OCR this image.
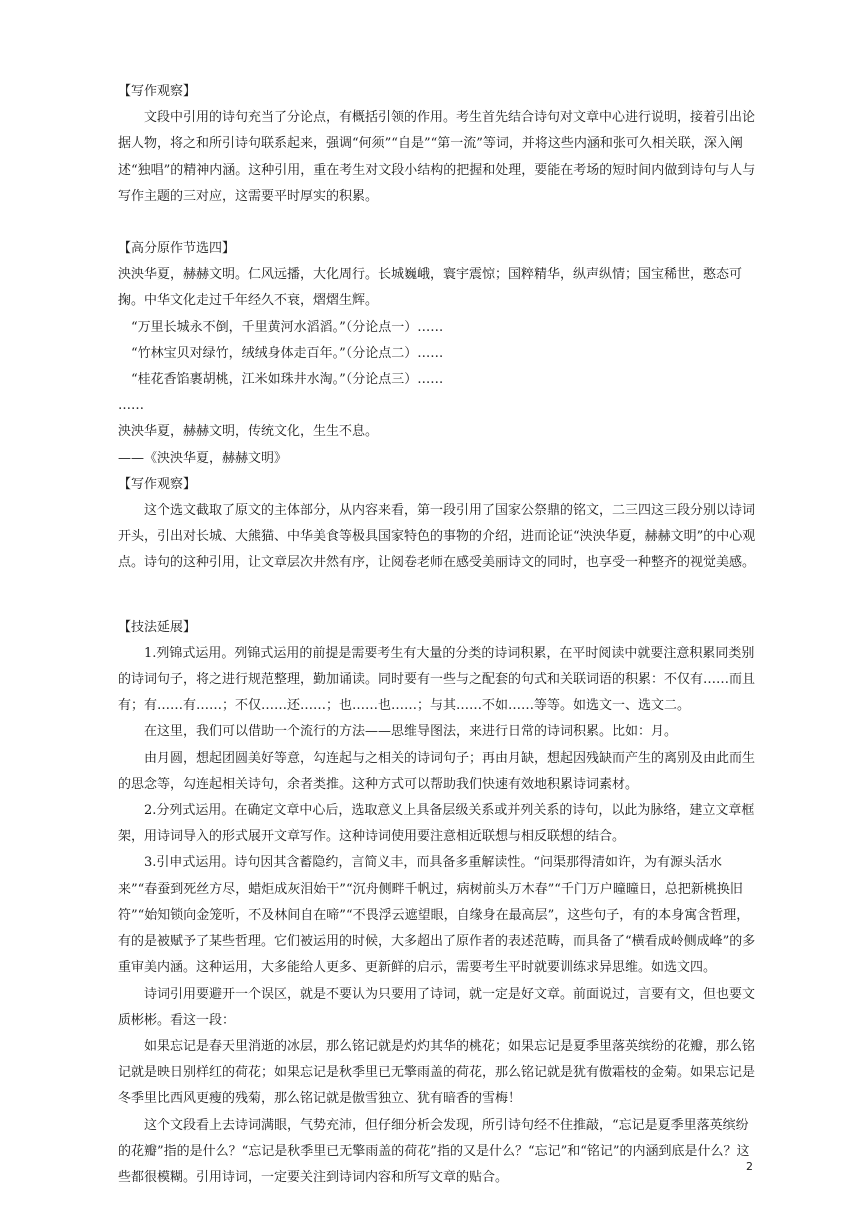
【写作观察】

文段中引用的诗句充当了分论点，有概括引领的作用。考生首先结合诗句对文章中心进行说明，接着引出论据人物，将之和所引诗句联系起来，强调“何须”“自是”“第一流”等词，并将这些内涵和张可久相关联，深入阐述“独唱”的精神内涵。这种引用，重在考生对文段小结构的把握和处理，要能在考场的短时间内做到诗句与人与写作主题的三对应，这需要平时厚实的积累。

【高分原作节选四】

泱泱华夏，赫赫文明。仁风远播，大化周行。长城巍峨，寰宇震惊；国粹精华，纵声纵情；国宝稀世，憨态可掬。中华文化走过千年经久不衰，熠熠生辉。

“万里长城永不倒，千里黄河水滔滔。”（分论点一）……

“竹林宝贝对绿竹，绒绒身体走百年。”（分论点二）……

“桂花香馅裹胡桃，江米如珠井水淘。”（分论点三）……

……

泱泱华夏，赫赫文明，传统文化，生生不息。

——《泱泱华夏，赫赫文明》

【写作观察】

这个选文截取了原文的主体部分，从内容来看，第一段引用了国家公祭鼎的铭文，二三四这三段分别以诗词开头，引出对长城、大熊猫、中华美食等极具国家特色的事物的介绍，进而论证“泱泱华夏，赫赫文明”的中心观点。诗句的这种引用，让文章层次井然有序，让阅卷老师在感受美丽诗文的同时，也享受一种整齐的视觉美感。

【技法延展】

1.列锦式运用。列锦式运用的前提是需要考生有大量的分类的诗词积累，在平时阅读中就要注意积累同类别的诗词句子，将之进行规范整理，勤加诵读。同时要有一些与之配套的句式和关联词语的积累：不仅有……而且有；有……有……；不仅……还……；也……也……；与其……不如……等等。如选文一、选文二。

在这里，我们可以借助一个流行的方法——思维导图法，来进行日常的诗词积累。比如：月。

由月圆，想起团圆美好等意，勾连起与之相关的诗词句子；再由月缺，想起因残缺而产生的离别及由此而生的思念等，勾连起相关诗句，余者类推。这种方式可以帮助我们快速有效地积累诗词素材。

2.分列式运用。在确定文章中心后，选取意义上具备层级关系或并列关系的诗句，以此为脉络，建立文章框架，用诗词导入的形式展开文章写作。这种诗词使用要注意相近联想与相反联想的结合。

3.引申式运用。诗句因其含蓄隐约，言简义丰，而具备多重解读性。“问渠那得清如许，为有源头活水来”“春蚕到死丝方尽，蜡炬成灰泪始干”“沉舟侧畔千帆过，病树前头万木春”“千门万户曈曈日，总把新桃换旧符”“始知锁向金笼听，不及林间自在啼”“不畏浮云遮望眼，自缘身在最高层”，这些句子，有的本身寓含哲理，有的是被赋予了某些哲理。它们被运用的时候，大多超出了原作者的表述范畴，而具备了“横看成岭侧成峰”的多重审美内涵。这种运用，大多能给人更多、更新鲜的启示，需要考生平时就要训练求异思维。如选文四。

诗词引用要避开一个误区，就是不要认为只要用了诗词，就一定是好文章。前面说过，言要有文，但也要文质彬彬。看这一段：

如果忘记是春天里消逝的冰层，那么铭记就是灼灼其华的桃花；如果忘记是夏季里落英缤纷的花瓣，那么铭记就是映日别样红的荷花；如果忘记是秋季里已无擎雨盖的荷花，那么铭记就是犹有傲霜枝的金菊。如果忘记是冬季里比西风更瘦的残菊，那么铭记就是傲雪独立、犹有暗香的雪梅！

这个文段看上去诗词满眼，气势充沛，但仔细分析会发现，所引诗句经不住推敲，“忘记是夏季里落英缤纷的花瓣”指的是什么？“忘记是秋季里已无擎雨盖的荷花”指的又是什么？“忘记”和“铭记”的内涵到底是什么？这些都很模糊。引用诗词，一定要关注到诗词内容和所写文章的贴合。

2
